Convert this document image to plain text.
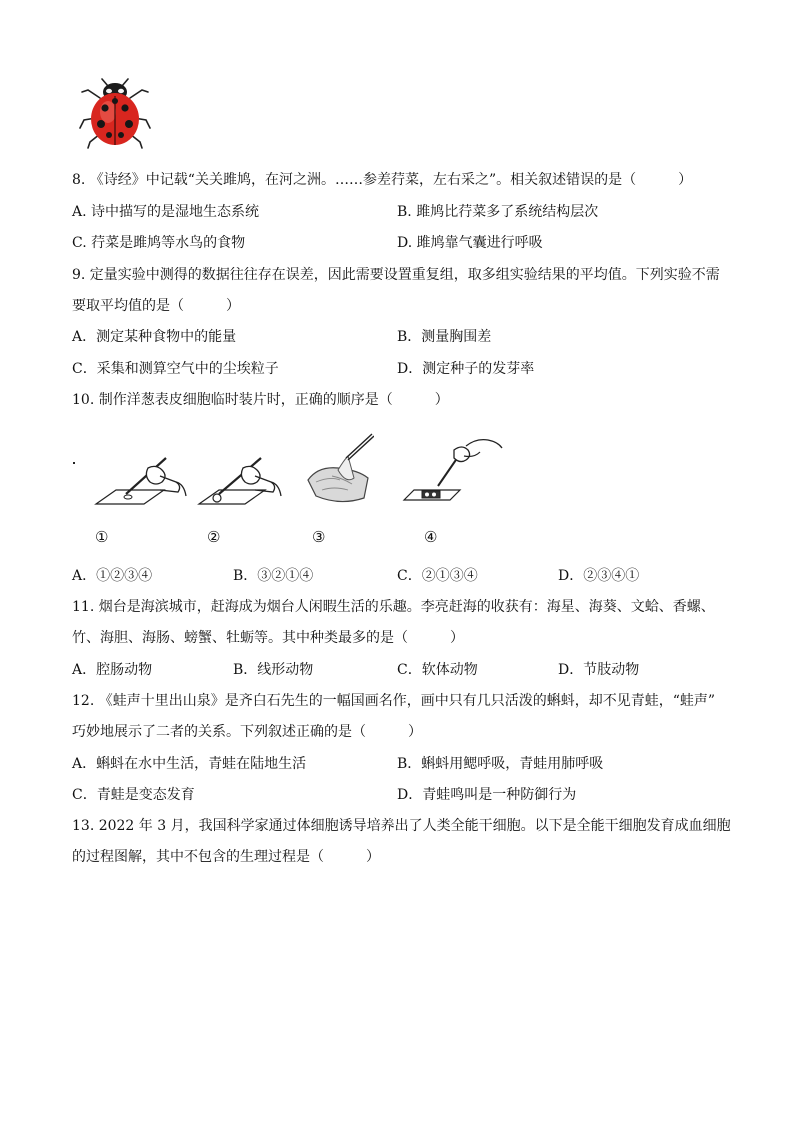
8. 《诗经》中记载“关关雎鸠，在河之洲。……参差荇菜，左右采之”。相关叙述错误的是（　　　）
A. 诗中描写的是湿地生态系统	B. 雎鸠比荇菜多了系统结构层次
C. 荇菜是雎鸠等水鸟的食物	D. 雎鸠靠气囊进行呼吸
9. 定量实验中测得的数据往往存在误差，因此需要设置重复组，取多组实验结果的平均值。下列实验不需
要取平均值的是（　　　）
A．测定某种食物中的能量	B．测量胸围差
C．采集和测算空气中的尘埃粒子	D．测定种子的发芽率
10. 制作洋葱表皮细胞临时装片时，正确的顺序是（　　　）
①	②	③	④
A．①②③④	B．③②①④	C．②①③④	D．②③④①
11. 烟台是海滨城市，赶海成为烟台人闲暇生活的乐趣。李亮赶海的收获有：海星、海葵、文蛤、香螺、
竹、海胆、海肠、螃蟹、牡蛎等。其中种类最多的是（　　　）
A．腔肠动物	B．线形动物	C．软体动物	D．节肢动物
12. 《蛙声十里出山泉》是齐白石先生的一幅国画名作，画中只有几只活泼的蝌蚪，却不见青蛙，“蛙声”
巧妙地展示了二者的关系。下列叙述正确的是（　　　）
A．蝌蚪在水中生活，青蛙在陆地生活	B．蝌蚪用鳃呼吸，青蛙用肺呼吸
C．青蛙是变态发育	D．青蛙鸣叫是一种防御行为
13. 2022 年 3 月，我国科学家通过体细胞诱导培养出了人类全能干细胞。以下是全能干细胞发育成血细胞
的过程图解，其中不包含的生理过程是（　　　）
